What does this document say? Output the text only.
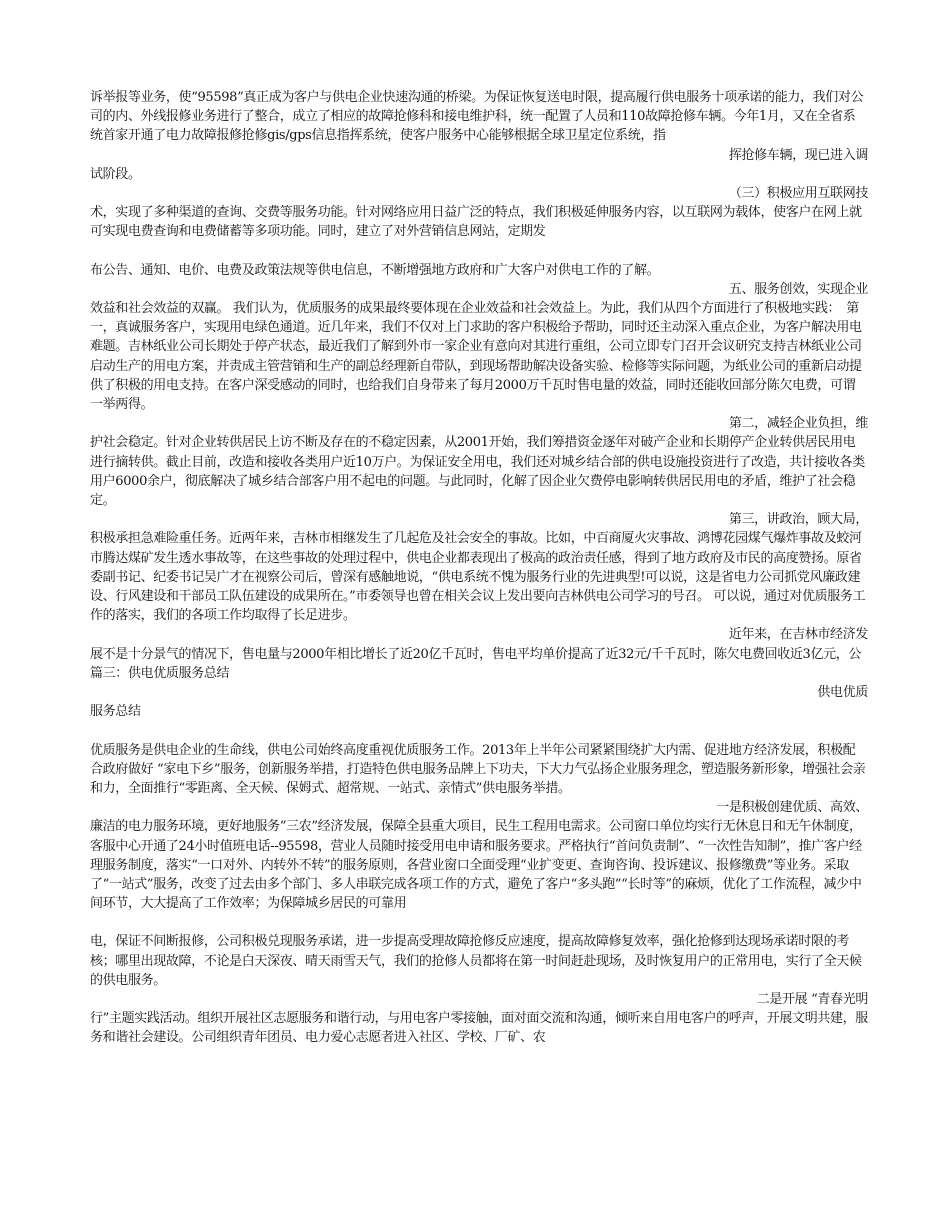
诉举报等业务，使“95598”真正成为客户与供电企业快速沟通的桥梁。为保证恢复送电时限，提高履行供电服务十项承诺的能力，我们对公司的内、外线报修业务进行了整合，成立了相应的故障抢修科和接电维护科，统一配置了人员和110故障抢修车辆。今年1月，又在全省系统首家开通了电力故障报修抢修gis/gps信息指挥系统，使客户服务中心能够根据全球卫星定位系统，指

挥抢修车辆，现已进入调

试阶段。

（三）积极应用互联网技

术，实现了多种渠道的查询、交费等服务功能。针对网络应用日益广泛的特点，我们积极延伸服务内容，以互联网为载体，使客户在网上就可实现电费查询和电费储蓄等多项功能。同时，建立了对外营销信息网站，定期发

布公告、通知、电价、电费及政策法规等供电信息，不断增强地方政府和广大客户对供电工作的了解。

五、服务创效，实现企业

效益和社会效益的双赢。 我们认为，优质服务的成果最终要体现在企业效益和社会效益上。为此，我们从四个方面进行了积极地实践：　第一，真诚服务客户，实现用电绿色通道。近几年来，我们不仅对上门求助的客户积极给予帮助，同时还主动深入重点企业，为客户解决用电难题。吉林纸业公司长期处于停产状态，最近我们了解到外市一家企业有意向对其进行重组，公司立即专门召开会议研究支持吉林纸业公司启动生产的用电方案，并责成主管营销和生产的副总经理新自带队，到现场帮助解决设备实验、检修等实际问题，为纸业公司的重新启动提供了积极的用电支持。在客户深受感动的同时，也给我们自身带来了每月2000万千瓦时售电量的效益，同时还能收回部分陈欠电费，可谓一举两得。

第二，减轻企业负担，维

护社会稳定。针对企业转供居民上访不断及存在的不稳定因素，从2001开始，我们筹措资金逐年对破产企业和长期停产企业转供居民用电进行摘转供。截止目前，改造和接收各类用户近10万户。为保证安全用电，我们还对城乡结合部的供电设施投资进行了改造，共计接收各类用户6000余户，彻底解决了城乡结合部客户用不起电的问题。与此同时，化解了因企业欠费停电影响转供居民用电的矛盾，维护了社会稳定。

第三，讲政治，顾大局，

积极承担急难险重任务。近两年来，吉林市相继发生了几起危及社会安全的事故。比如，中百商厦火灾事故、鸿博花园煤气爆炸事故及蛟河市腾达煤矿发生透水事故等，在这些事故的处理过程中，供电企业都表现出了极高的政治责任感，得到了地方政府及市民的高度赞扬。原省委副书记、纪委书记吴广才在视察公司后，曾深有感触地说，“供电系统不愧为服务行业的先进典型!可以说，这是省电力公司抓党风廉政建设、行风建设和干部员工队伍建设的成果所在。”市委领导也曾在相关会议上发出要向吉林供电公司学习的号召。 可以说，通过对优质服务工作的落实，我们的各项工作均取得了长足进步。

近年来，在吉林市经济发

展不是十分景气的情况下，售电量与2000年相比增长了近20亿千瓦时，售电平均单价提高了近32元/千千瓦时，陈欠电费回收近3亿元，公

篇三：供电优质服务总结

供电优质

服务总结

优质服务是供电企业的生命线，供电公司始终高度重视优质服务工作。2013年上半年公司紧紧围绕扩大内需、促进地方经济发展，积极配合政府做好 “家电下乡”服务，创新服务举措，打造特色供电服务品牌上下功夫，下大力气弘扬企业服务理念，塑造服务新形象，增强社会亲和力，全面推行“零距离、全天候、保姆式、超常规、一站式、亲情式”供电服务举措。

一是积极创建优质、高效、

廉洁的电力服务环境，更好地服务“三农”经济发展，保障全县重大项目，民生工程用电需求。公司窗口单位均实行无休息日和无午休制度，客服中心开通了24小时值班电话--95598，营业人员随时接受用电申请和服务要求。严格执行“首问负责制”、“一次性告知制”，推广客户经理服务制度，落实“一口对外、内转外不转”的服务原则，各营业窗口全面受理“业扩变更、查询咨询、投诉建议、报修缴费”等业务。采取了“一站式”服务，改变了过去由多个部门、多人串联完成各项工作的方式，避免了客户“多头跑”“长时等”的麻烦，优化了工作流程，减少中间环节，大大提高了工作效率；为保障城乡居民的可靠用

电，保证不间断报修，公司积极兑现服务承诺，进一步提高受理故障抢修反应速度，提高故障修复效率，强化抢修到达现场承诺时限的考核；哪里出现故障，不论是白天深夜、晴天雨雪天气，我们的抢修人员都将在第一时间赶赴现场，及时恢复用户的正常用电，实行了全天候的供电服务。

二是开展 “青春光明

行”主题实践活动。组织开展社区志愿服务和谐行动，与用电客户零接触，面对面交流和沟通，倾听来自用电客户的呼声，开展文明共建，服务和谐社会建设。公司组织青年团员、电力爱心志愿者进入社区、学校、厂矿、农
